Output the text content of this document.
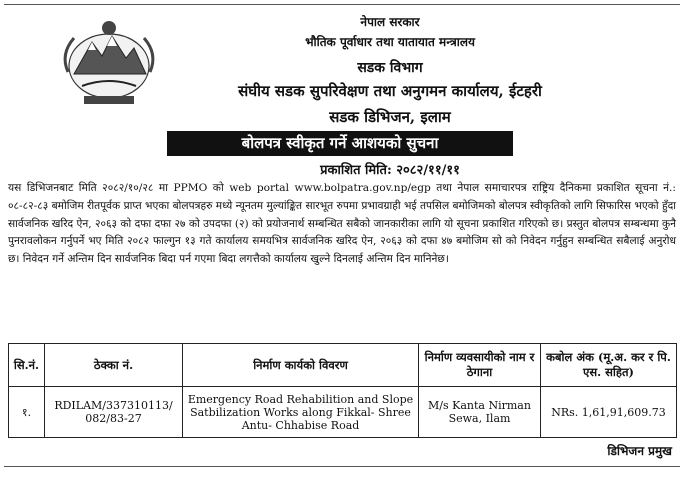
नेपाल सरकार
भौतिक पूर्वाधार तथा यातायात मन्त्रालय
सडक विभाग
संघीय सडक सुपरिवेक्षण तथा अनुगमन कार्यालय, ईटहरी
सडक डिभिजन, इलाम
बोलपत्र स्वीकृत गर्ने आशयको सुचना
प्रकाशित मिति: २०८२/११/११
यस डिभिजनबाट मिति २०८२/१०/२८ मा PPMO को web portal www.bolpatra.gov.np/egp तथा नेपाल समाचारपत्र राष्ट्रिय दैनिकमा प्रकाशित सूचना नं.: ०८-८२-८३ बमोजिम रीतपूर्वक प्राप्त भएका बोलपत्रहरु मध्ये न्यूनतम मुल्यांङ्कित सारभूत रुपमा प्रभावग्राही भई तपसिल बमोजिमको बोलपत्र स्वीकृतिको लागि सिफारिस भएको हुँदा सार्वजनिक खरिद ऐन, २०६३ को दफा दफा २७ को उपदफा (२) को प्रयोजनार्थ सम्बन्धित सबैको जानकारीका लागि यो सूचना प्रकाशित गरिएको छ। प्रस्तुत बोलपत्र सम्बन्धमा कुनै पुनरावलोकन गर्नुपर्ने भए मिति २०८२ फाल्गुन १३ गते कार्यालय समयभित्र सार्वजनिक खरिद ऐन, २०६३ को दफा ४७ बमोजिम सो को निवेदन गर्नुहुन सम्बन्धित सबैलाई अनुरोध छ। निवेदन गर्ने अन्तिम दिन सार्वजनिक बिदा पर्न गएमा बिदा लगत्तैको कार्यालय खुल्ने दिनलाई अन्तिम दिन मानिनेछ।
सि.नं.	ठेक्का नं.	निर्माण कार्यको विवरण	निर्माण व्यवसायीको नाम र ठेगाना	कबोल अंक (मू.अ. कर र पि. एस. सहित)
१.	RDILAM/337310113/ 082/83-27	Emergency Road Rehabilition and Slope Satbilization Works along Fikkal- Shree Antu- Chhabise Road	M/s Kanta Nirman Sewa, Ilam	NRs. 1,61,91,609.73
डिभिजन प्रमुख
